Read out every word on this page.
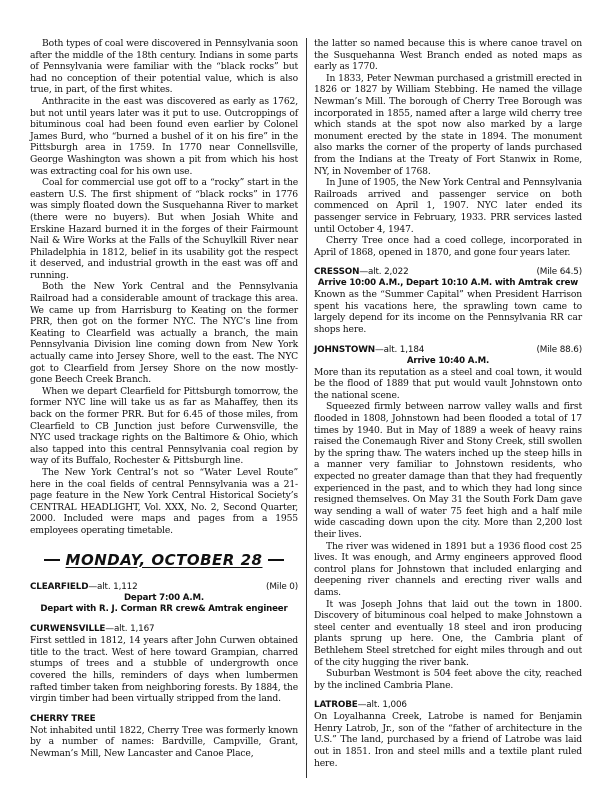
Both types of coal were discovered in Pennsylvania soon after the middle of the 18th century. Indians in some parts of Pennsylvania were familiar with the “black rocks” but had no conception of their potential value, which is also true, in part, of the first whites.

Anthracite in the east was discovered as early as 1762, but not until years later was it put to use. Outcroppings of bituminous coal had been found even earlier by Colonel James Burd, who “burned a bushel of it on his fire” in the Pittsburgh area in 1759. In 1770 near Connellsville, George Washington was shown a pit from which his host was extracting coal for his own use.

Coal for commercial use got off to a “rocky” start in the eastern U.S. The first shipment of “black rocks” in 1776 was simply floated down the Susquehanna River to market (there were no buyers). But when Josiah White and Erskine Hazard burned it in the forges of their Fairmount Nail & Wire Works at the Falls of the Schuylkill River near Philadelphia in 1812, belief in its usability got the respect it deserved, and industrial growth in the east was off and running.

Both the New York Central and the Pennsylvania Railroad had a considerable amount of trackage this area. We came up from Harrisburg to Keating on the former PRR, then got on the former NYC. The NYC’s line from Keating to Clearfield was actually a branch, the main Pennsylvania Division line coming down from New York actually came into Jersey Shore, well to the east. The NYC got to Clearfield from Jersey Shore on the now mostly-gone Beech Creek Branch.

When we depart Clearfield for Pittsburgh tomorrow, the former NYC line will take us as far as Mahaffey, then its back on the former PRR. But for 6.45 of those miles, from Clearfield to CB Junction just before Curwensville, the NYC used trackage rights on the Baltimore & Ohio, which also tapped into this central Pennsylvania coal region by way of its Buffalo, Rochester & Pittsburgh line.

The New York Central’s not so “Water Level Route” here in the coal fields of central Pennsylvania was a 21-page feature in the New York Central Historical Society’s CENTRAL HEADLIGHT, Vol. XXX, No. 2, Second Quarter, 2000. Included were maps and pages from a 1955 employees operating timetable.

MONDAY, OCTOBER 28
CLEARFIELD—alt. 1,112	(Mile 0)
Depart 7:00 A.M.
Depart with R. J. Corman RR crew& Amtrak engineer
CURWENSVILLE—alt. 1,167

First settled in 1812, 14 years after John Curwen obtained title to the tract. West of here toward Grampian, charred stumps of trees and a stubble of undergrowth once covered the hills, reminders of days when lumbermen rafted timber taken from neighboring forests. By 1884, the virgin timber had been virtually stripped from the land.

CHERRY TREE

Not inhabited until 1822, Cherry Tree was formerly known by a number of names: Bardville, Campville, Grant, Newman’s Mill, New Lancaster and Canoe Place,

the latter so named because this is where canoe travel on the Susquehanna West Branch ended as noted maps as early as 1770.

In 1833, Peter Newman purchased a gristmill erected in 1826 or 1827 by William Stebbing. He named the village Newman’s Mill. The borough of Cherry Tree Borough was incorporated in 1855, named after a large wild cherry tree which stands at the spot now also marked by a large monument erected by the state in 1894. The monument also marks the corner of the property of lands purchased from the Indians at the Treaty of Fort Stanwix in Rome, NY, in November of 1768.

In June of 1905, the New York Central and Pennsylvania Railroads arrived and passenger service on both commenced on April 1, 1907. NYC later ended its passenger service in February, 1933. PRR services lasted until October 4, 1947.

Cherry Tree once had a coed college, incorporated in April of 1868, opened in 1870, and gone four years later.

CRESSON—alt. 2,022	(Mile 64.5)
Arrive 10:00 A.M., Depart 10:10 A.M. with Amtrak crew

Known as the “Summer Capital” when President Harrison spent his vacations here, the sprawling town came to largely depend for its income on the Pennsylvania RR car shops here.

JOHNSTOWN—alt. 1,184	(Mile 88.6)
Arrive 10:40 A.M.

More than its reputation as a steel and coal town, it would be the flood of 1889 that put would vault Johnstown onto the national scene.

Squeezed firmly between narrow valley walls and first flooded in 1808, Johnstown had been flooded a total of 17 times by 1940. But in May of 1889 a week of heavy rains raised the Conemaugh River and Stony Creek, still swollen by the spring thaw. The waters inched up the steep hills in a manner very familiar to Johnstown residents, who expected no greater damage than that they had frequently experienced in the past, and to which they had long since resigned themselves. On May 31 the South Fork Dam gave way sending a wall of water 75 feet high and a half mile wide cascading down upon the city. More than 2,200 lost their lives.

The river was widened in 1891 but a 1936 flood cost 25 lives. It was enough, and Army engineers approved flood control plans for Johnstown that included enlarging and deepening river channels and erecting river walls and dams.

It was Joseph Johns that laid out the town in 1800. Discovery of bituminous coal helped to make Johnstown a steel center and eventually 18 steel and iron producing plants sprung up here. One, the Cambria plant of Bethlehem Steel stretched for eight miles through and out of the city hugging the river bank.

Suburban Westmont is 504 feet above the city, reached by the inclined Cambria Plane.

LATROBE—alt. 1,006

On Loyalhanna Creek, Latrobe is named for Benjamin Henry Latrob, Jr., son of the “father of architecture in the U.S.” The land, purchased by a friend of Latrobe was laid out in 1851. Iron and steel mills and a textile plant ruled here.
